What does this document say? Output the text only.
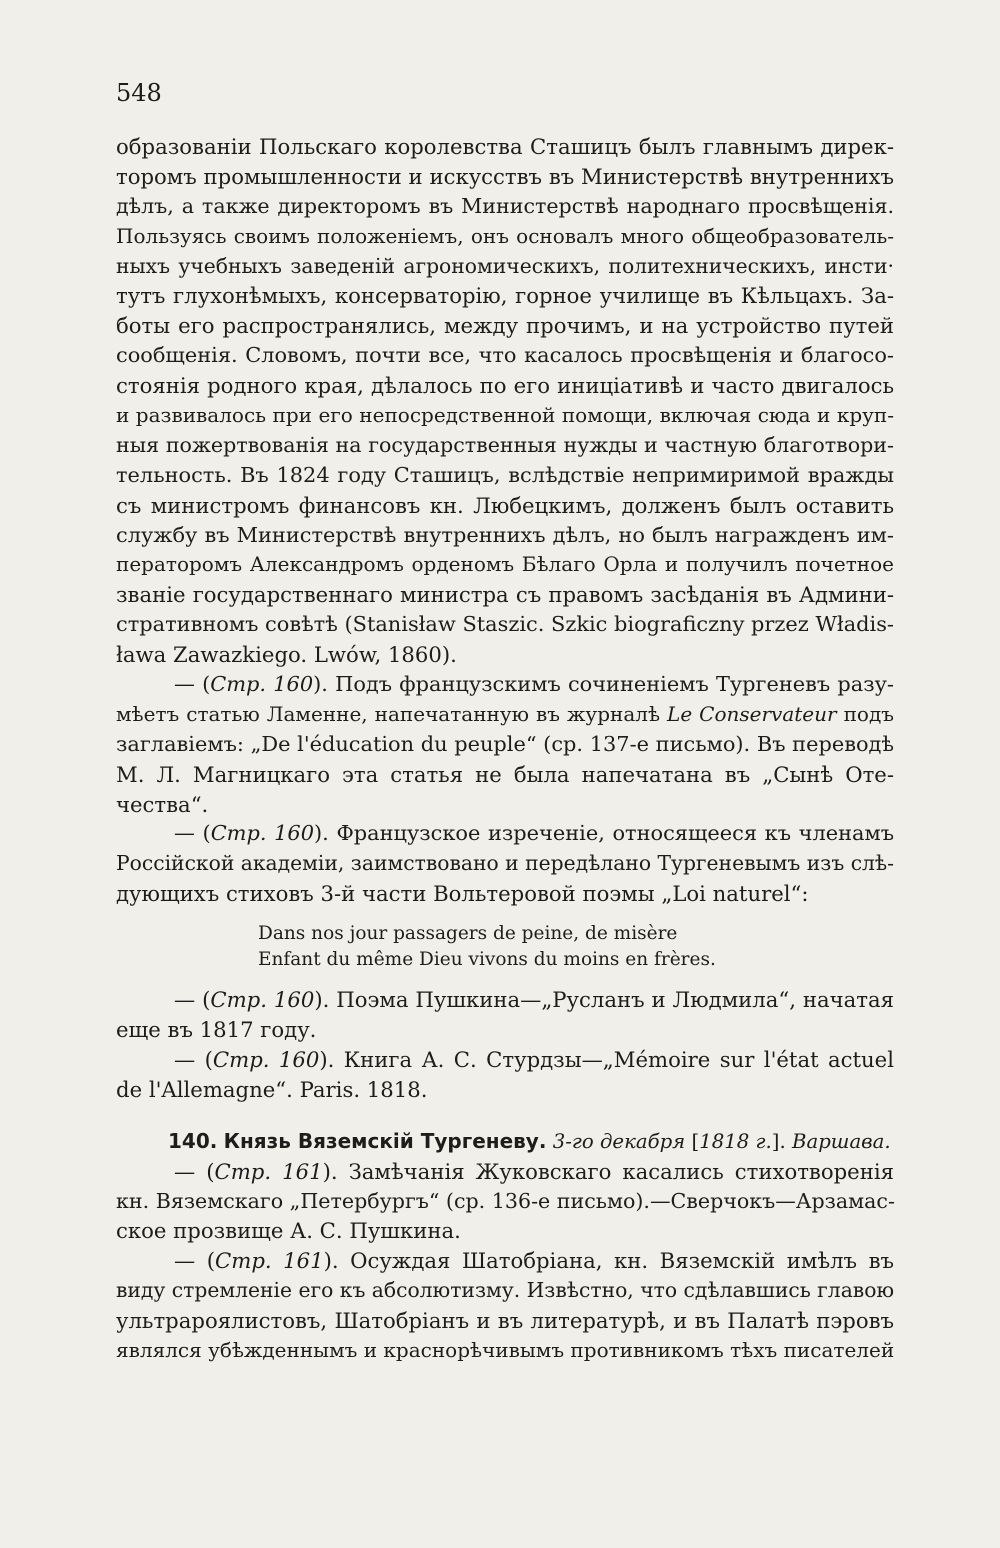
548
образованіи Польскаго королевства Сташицъ былъ главнымъ дирек-
торомъ промышленности и искусствъ въ Министерствѣ внутреннихъ
дѣлъ, а также директоромъ въ Министерствѣ народнаго просвѣщенія.
Пользуясь своимъ положеніемъ, онъ основалъ много общеобразователь-
ныхъ учебныхъ заведеній агрономическихъ, политехническихъ, инсти·
тутъ глухонѣмыхъ, консерваторію, горное училище въ Кѣльцахъ. За-
боты его распространялись, между прочимъ, и на устройство путей
сообщенія. Словомъ, почти все, что касалось просвѣщенія и благосо-
стоянія родного края, дѣлалось по его иниціативѣ и часто двигалось
и развивалось при его непосредственной помощи, включая сюда и круп-
ныя пожертвованія на государственныя нужды и частную благотвори-
тельность. Въ 1824 году Сташицъ, вслѣдствіе непримиримой вражды
съ министромъ финансовъ кн. Любецкимъ, долженъ былъ оставить
службу въ Министерствѣ внутреннихъ дѣлъ, но былъ награжденъ им-
ператоромъ Александромъ орденомъ Бѣлаго Орла и получилъ почетное
званіе государственнаго министра съ правомъ засѣданія въ Админи-
стративномъ совѣтѣ (Stanisław Staszic. Szkic biograficzny przez Władis-
ława Zawazkiego. Lwów, 1860).
— (Стр. 160). Подъ французскимъ сочиненіемъ Тургеневъ разу-
мѣетъ статью Ламенне, напечатанную въ журналѣ Le Conservateur подъ
заглавіемъ: „De l'éducation du peuple“ (ср. 137-е письмо). Въ переводѣ
М. Л. Магницкаго эта статья не была напечатана въ „Сынѣ Оте-
чества“.
— (Стр. 160). Французское изреченіе, относящееся къ членамъ
Россійской академіи, заимствовано и передѣлано Тургеневымъ изъ слѣ-
дующихъ стиховъ 3-й части Вольтеровой поэмы „Loi naturel“:
Dans nos jour passagers de peine, de misère
Enfant du même Dieu vivons du moins en frères.
— (Стр. 160). Поэма Пушкина—„Русланъ и Людмила“, начатая
еще въ 1817 году.
— (Стр. 160). Книга А. С. Стурдзы—„Mémoire sur l'état actuel
de l'Allemagne“. Paris. 1818.
140. Князь Вяземскій Тургеневу. 3-го декабря [1818 г.]. Варшава.
— (Стр. 161). Замѣчанія Жуковскаго касались стихотворенія
кн. Вяземскаго „Петербургъ“ (ср. 136-е письмо).—Сверчокъ—Арзамас-
ское прозвище А. С. Пушкина.
— (Стр. 161). Осуждая Шатобріана, кн. Вяземскій имѣлъ въ
виду стремленіе его къ абсолютизму. Извѣстно, что сдѣлавшись главою
ультрароялистовъ, Шатобріанъ и въ литературѣ, и въ Палатѣ пэровъ
являлся убѣжденнымъ и краснорѣчивымъ противникомъ тѣхъ писателей
